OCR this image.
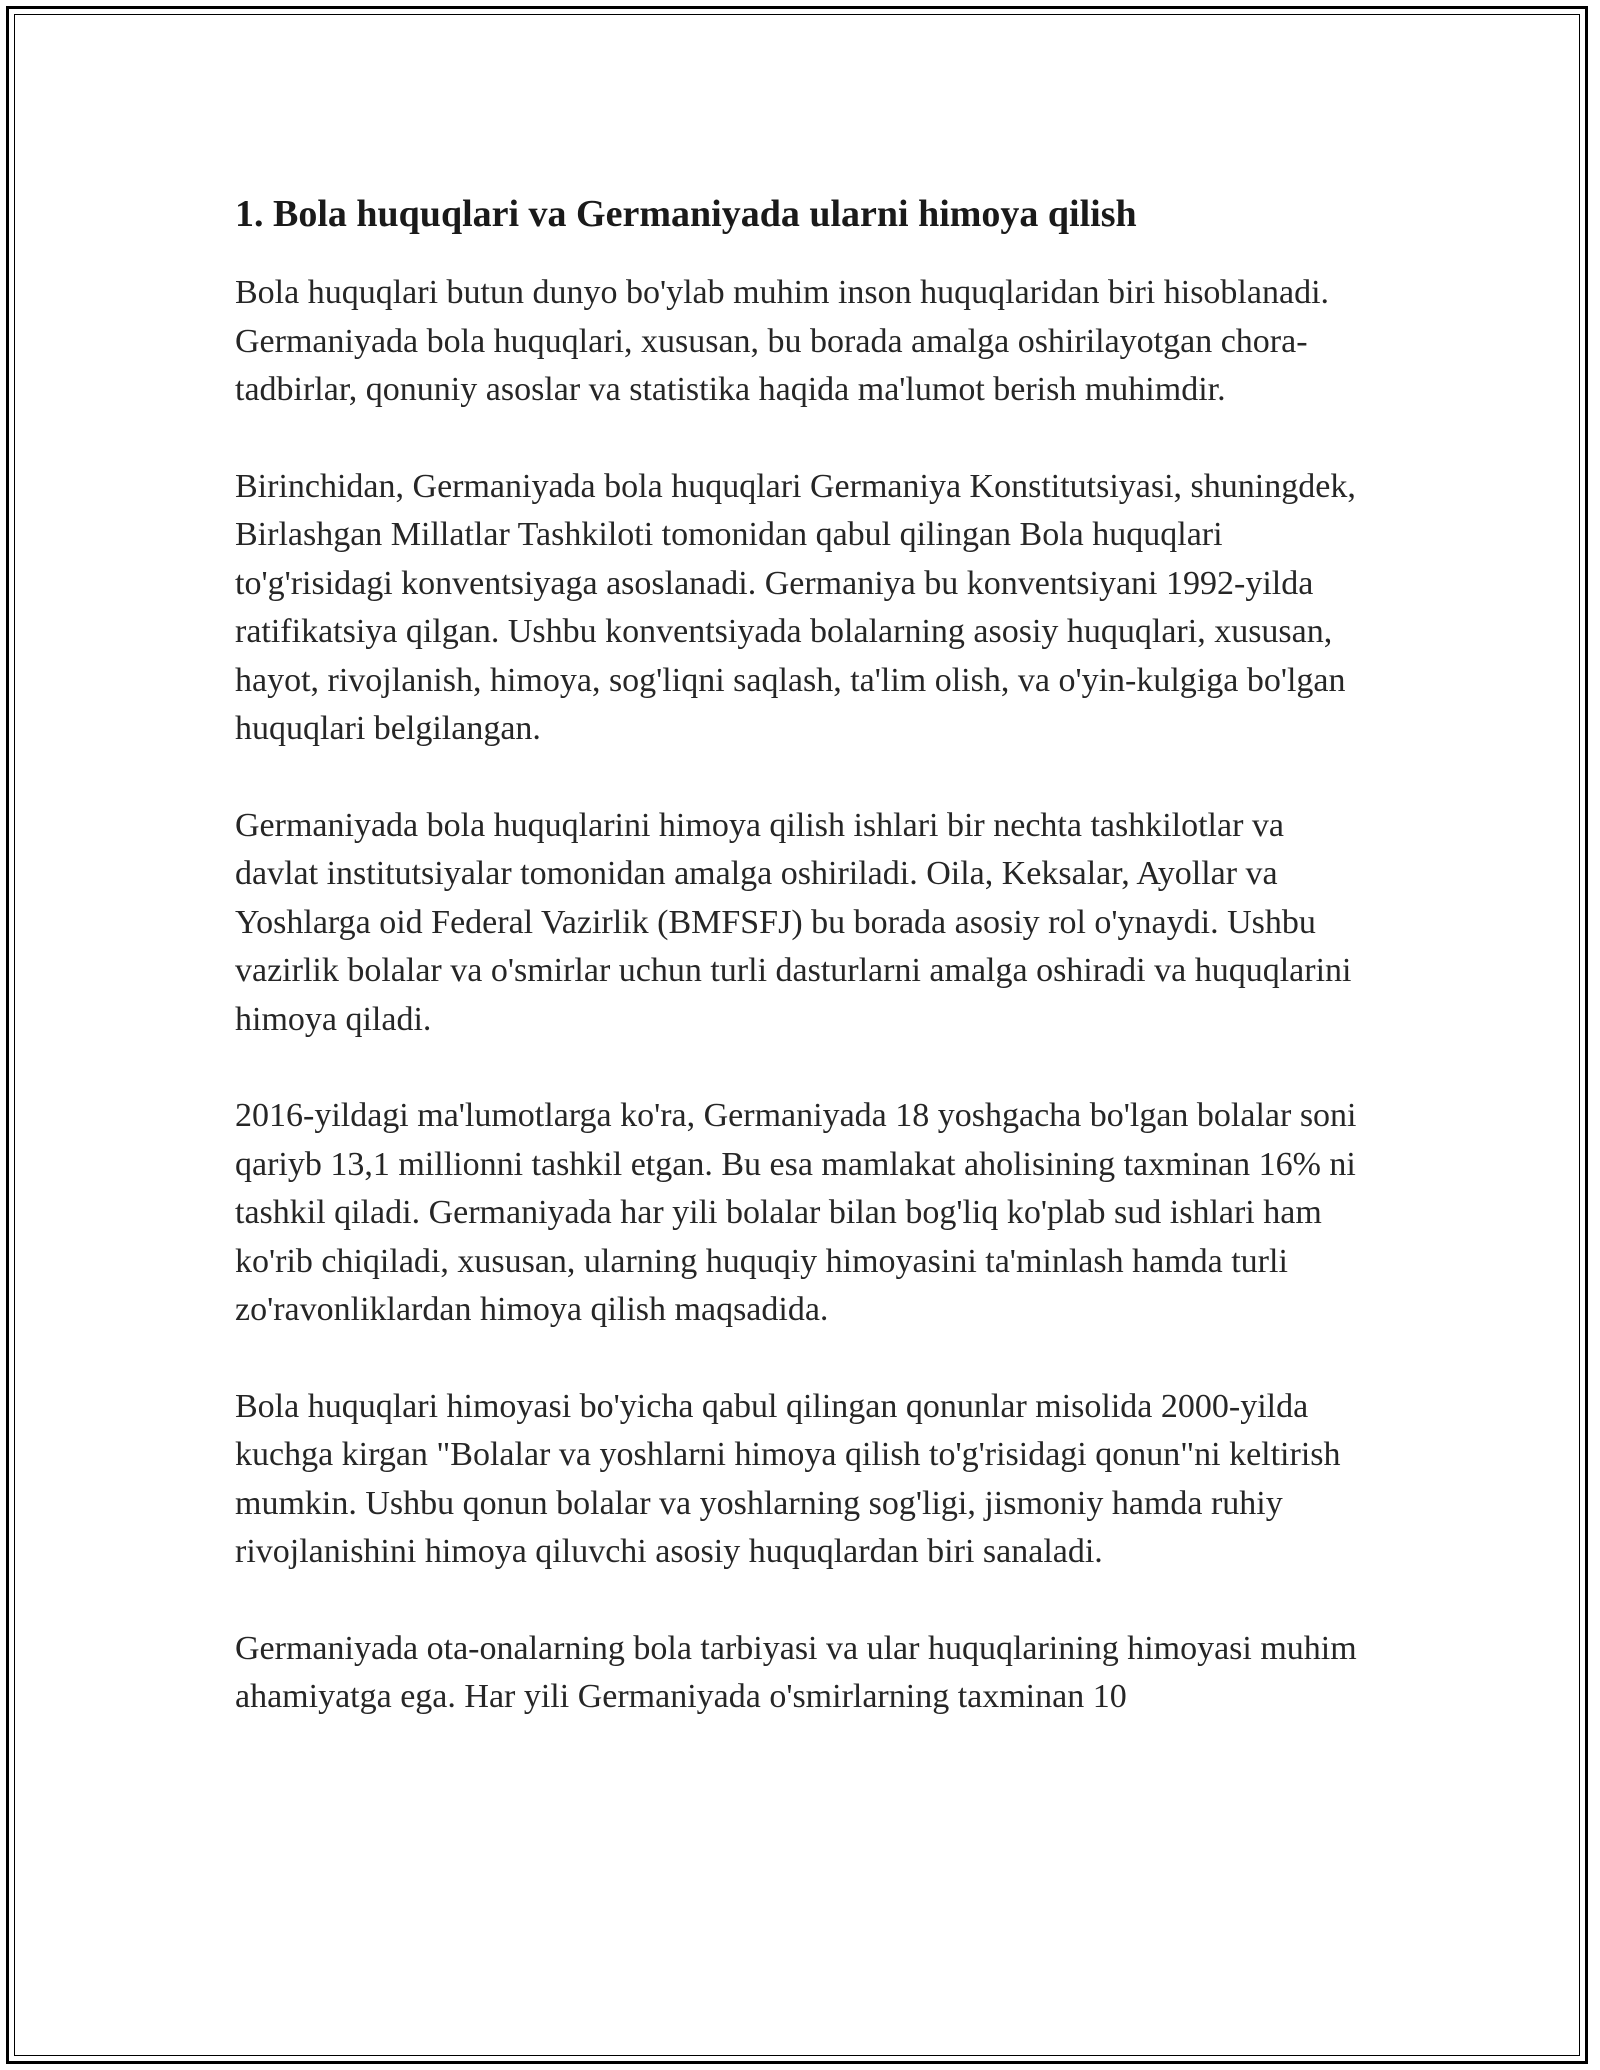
1. Bola huquqlari va Germaniyada ularni himoya qilish

Bola huquqlari butun dunyo bo'ylab muhim inson huquqlaridan biri hisoblanadi. Germaniyada bola huquqlari, xususan, bu borada amalga oshirilayotgan chora-tadbirlar, qonuniy asoslar va statistika haqida ma'lumot berish muhimdir.

Birinchidan, Germaniyada bola huquqlari Germaniya Konstitutsiyasi, shuningdek, Birlashgan Millatlar Tashkiloti tomonidan qabul qilingan Bola huquqlari to'g'risidagi konventsiyaga asoslanadi. Germaniya bu konventsiyani 1992-yilda ratifikatsiya qilgan. Ushbu konventsiyada bolalarning asosiy huquqlari, xususan, hayot, rivojlanish, himoya, sog'liqni saqlash, ta'lim olish, va o'yin-kulgiga bo'lgan huquqlari belgilangan.

Germaniyada bola huquqlarini himoya qilish ishlari bir nechta tashkilotlar va davlat institutsiyalar tomonidan amalga oshiriladi. Oila, Keksalar, Ayollar va Yoshlarga oid Federal Vazirlik (BMFSFJ) bu borada asosiy rol o'ynaydi. Ushbu vazirlik bolalar va o'smirlar uchun turli dasturlarni amalga oshiradi va huquqlarini himoya qiladi.

2016-yildagi ma'lumotlarga ko'ra, Germaniyada 18 yoshgacha bo'lgan bolalar soni qariyb 13,1 millionni tashkil etgan. Bu esa mamlakat aholisining taxminan 16% ni tashkil qiladi. Germaniyada har yili bolalar bilan bog'liq ko'plab sud ishlari ham ko'rib chiqiladi, xususan, ularning huquqiy himoyasini ta'minlash hamda turli zo'ravonliklardan himoya qilish maqsadida.

Bola huquqlari himoyasi bo'yicha qabul qilingan qonunlar misolida 2000-yilda kuchga kirgan "Bolalar va yoshlarni himoya qilish to'g'risidagi qonun"ni keltirish mumkin. Ushbu qonun bolalar va yoshlarning sog'ligi, jismoniy hamda ruhiy rivojlanishini himoya qiluvchi asosiy huquqlardan biri sanaladi.

Germaniyada ota-onalarning bola tarbiyasi va ular huquqlarining himoyasi muhim ahamiyatga ega. Har yili Germaniyada o'smirlarning taxminan 10
